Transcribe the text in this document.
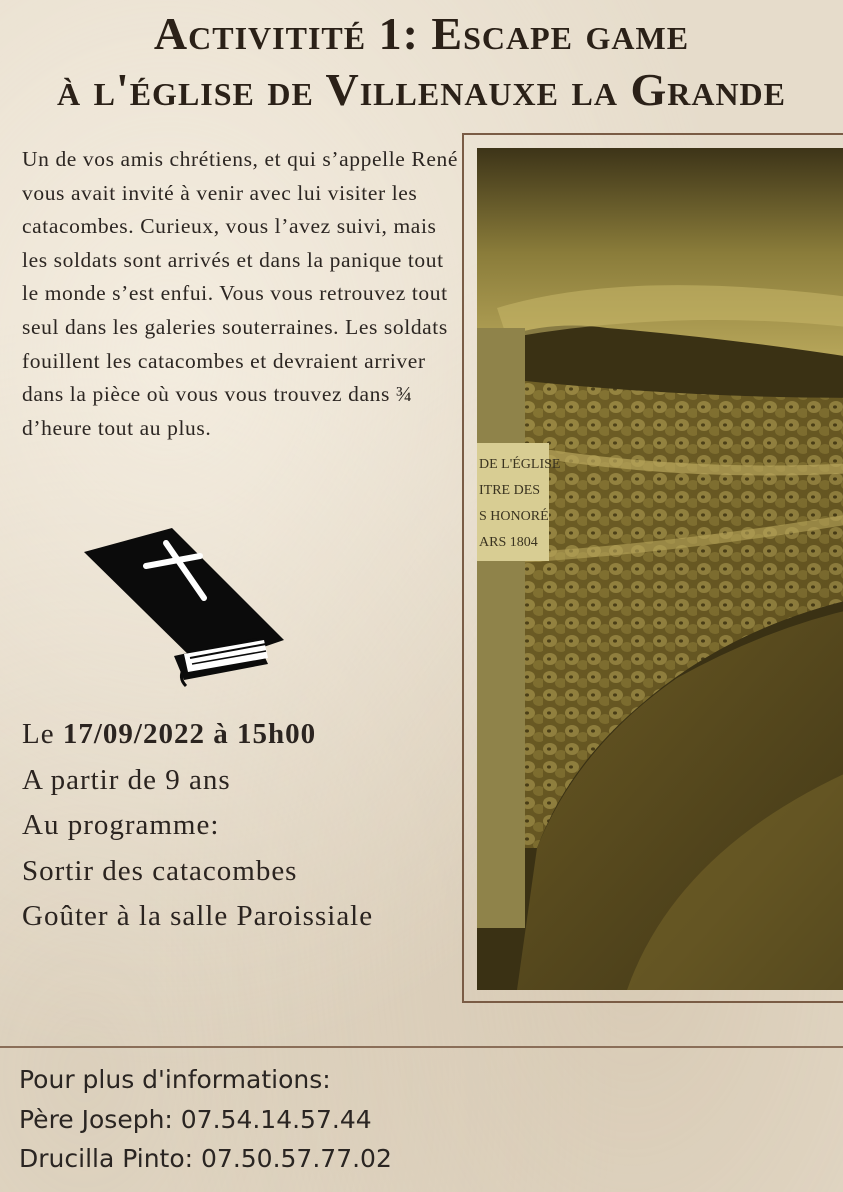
Activitité 1: Escape game
à l'église de Villenauxe la Grande
Un de vos amis chrétiens, et qui s’appelle René vous avait invité à venir avec lui visiter les catacombes. Curieux, vous l’avez suivi, mais les soldats sont arrivés et dans la panique tout le monde s’est enfui. Vous vous retrouvez tout seul dans les galeries souterraines. Les soldats fouillent les catacombes et devraient arriver dans la pièce où vous vous trouvez dans ¾ d’heure tout au plus.
DE L'ÉGLISE
ITRE DES
S HONORÉ
ARS 1804
Le 17/09/2022 à 15h00
A partir de 9 ans
Au programme:
Sortir des catacombes
Goûter à la salle Paroissiale
Pour plus d'informations:
Père Joseph: 07.54.14.57.44
Drucilla Pinto: 07.50.57.77.02
